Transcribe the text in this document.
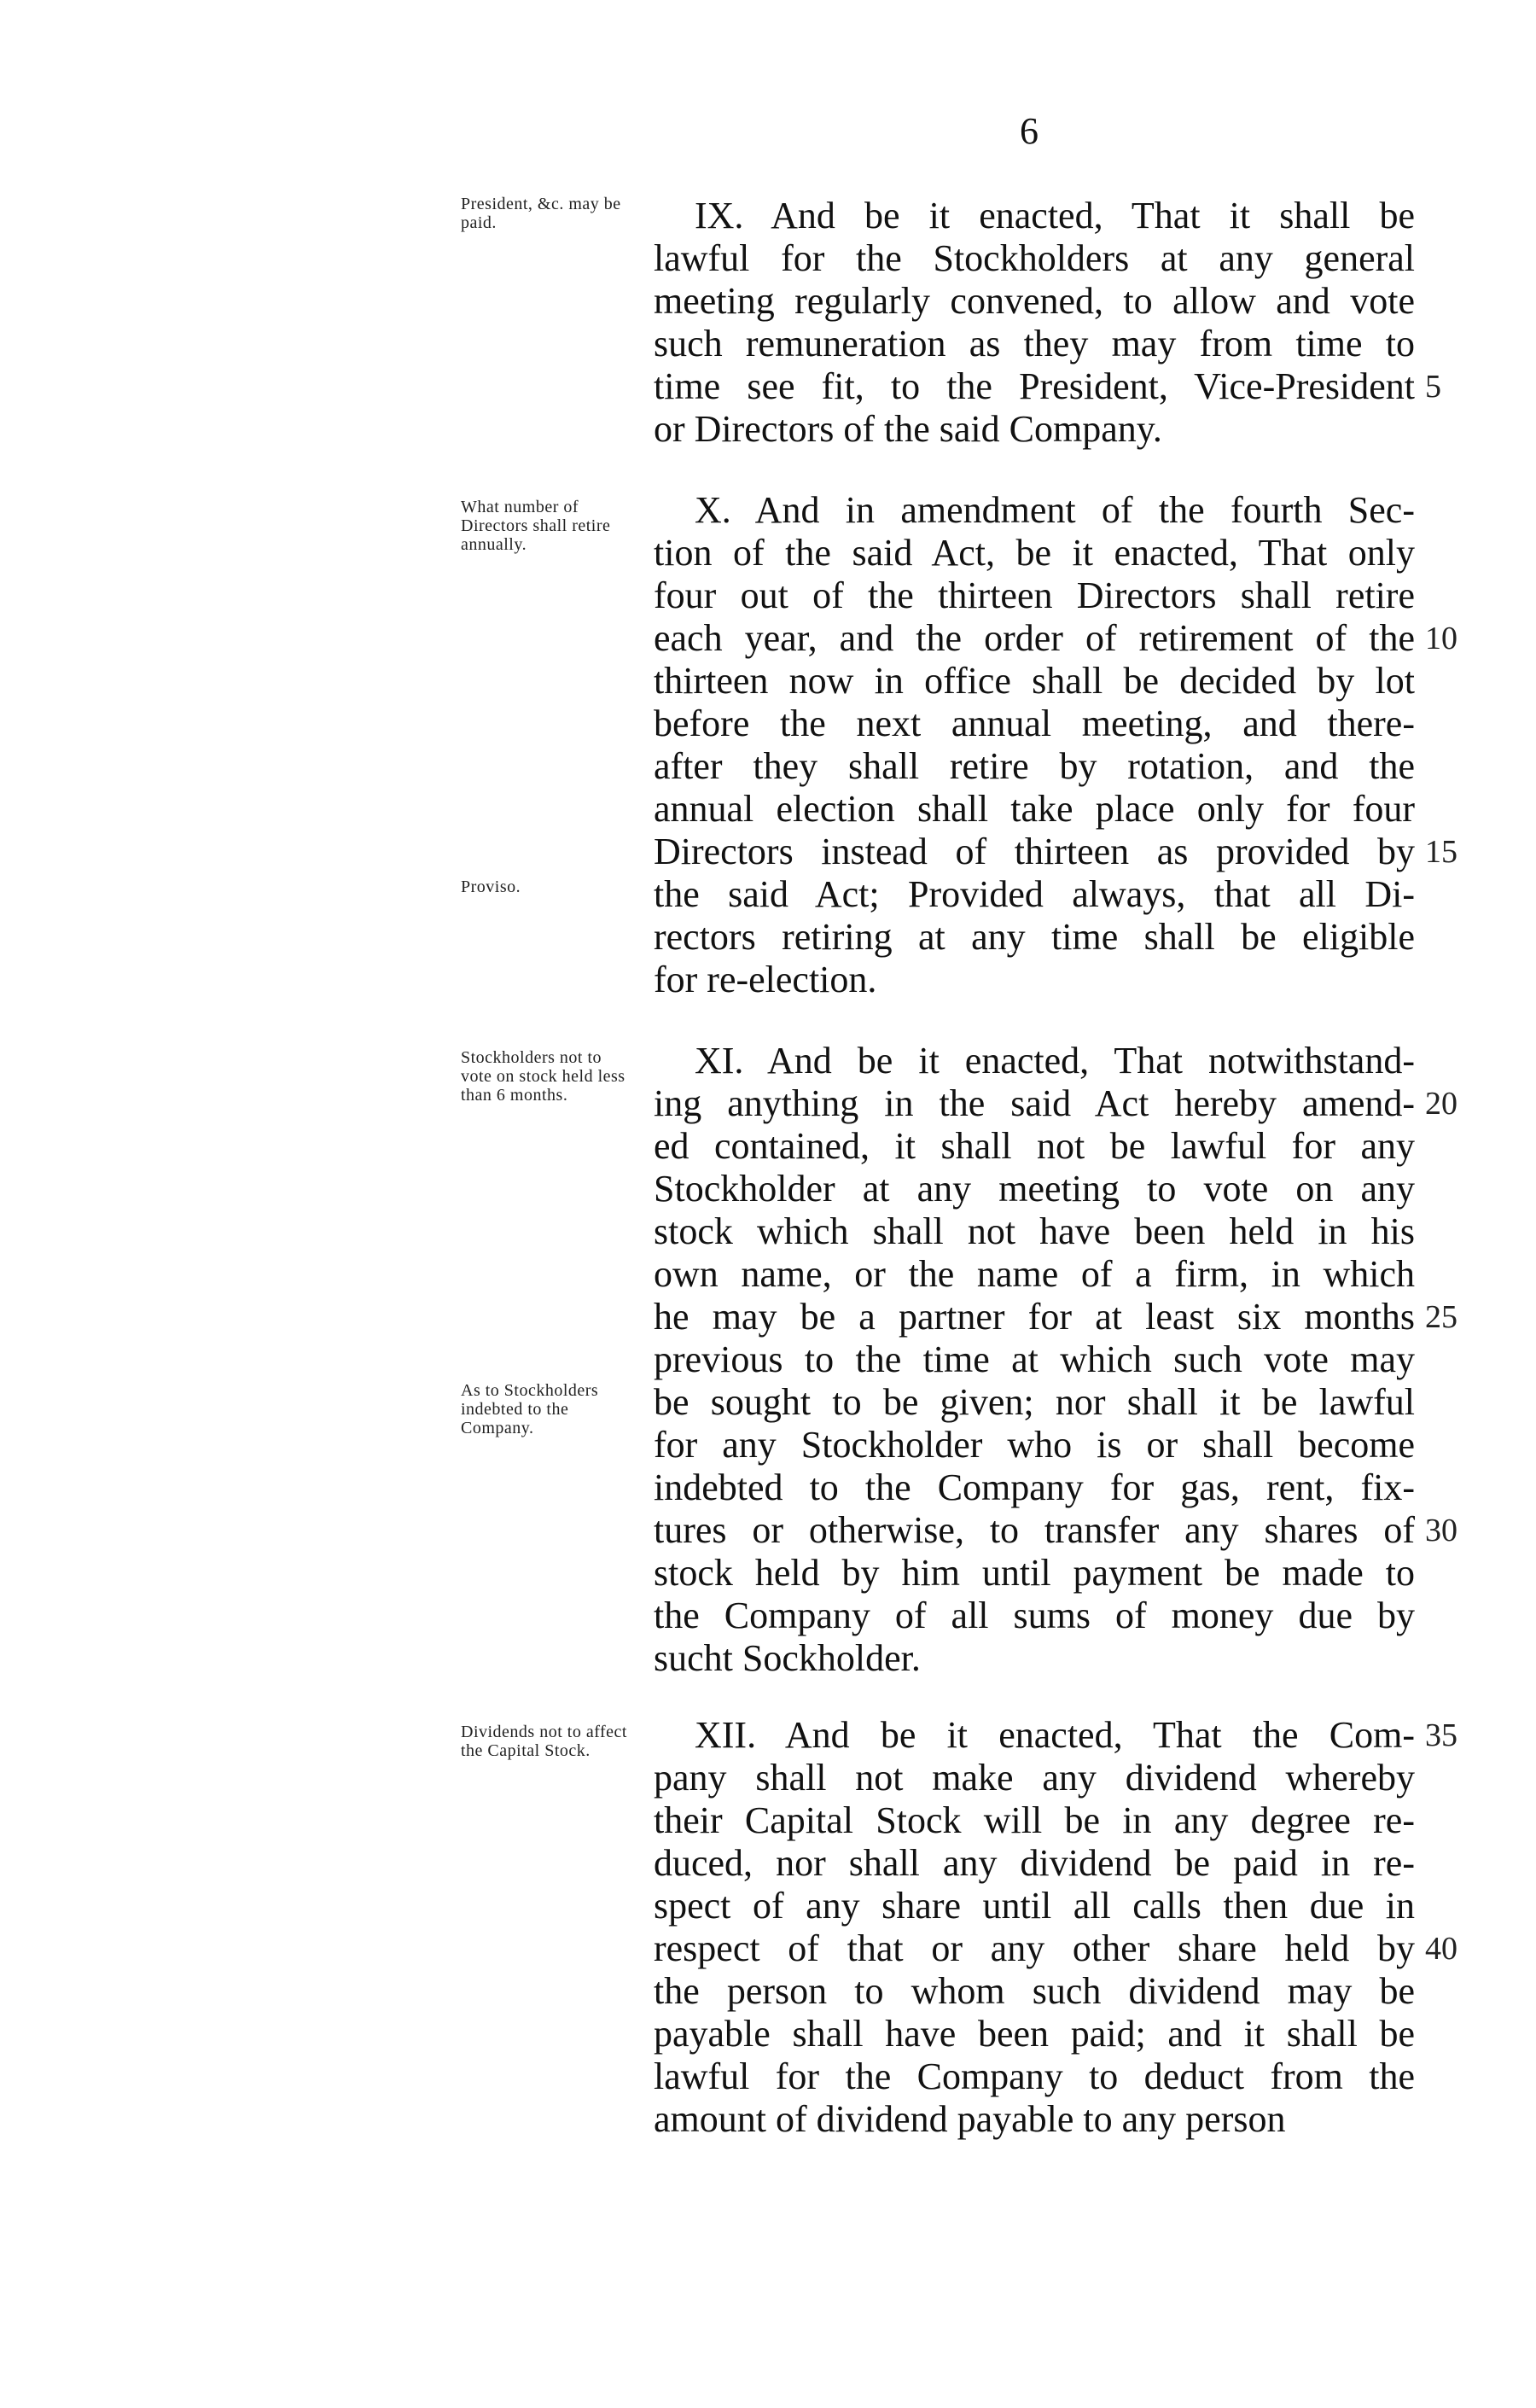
6
President, &c. may be paid.
What number of Directors shall retire annually.
Proviso.
Stockholders not to vote on stock held less than 6 months.
As to Stockholders indebted to the Company.
Dividends not to affect the Capital Stock.
IX. And be it enacted, That it shall be
lawful for the Stockholders at any general
meeting regularly convened, to allow and vote
such remuneration as they may from time to
time see fit, to the President, Vice-President
or Directors of the said Company.
X. And in amendment of the fourth Sec-
tion of the said Act, be it enacted, That only
four out of the thirteen Directors shall retire
each year, and the order of retirement of the
thirteen now in office shall be decided by lot
before the next annual meeting, and there-
after they shall retire by rotation, and the
annual election shall take place only for four
Directors instead of thirteen as provided by
the said Act; Provided always, that all Di-
rectors retiring at any time shall be eligible
for re-election.
XI. And be it enacted, That notwithstand-
ing anything in the said Act hereby amend-
ed contained, it shall not be lawful for any
Stockholder at any meeting to vote on any
stock which shall not have been held in his
own name, or the name of a firm, in which
he may be a partner for at least six months
previous to the time at which such vote may
be sought to be given; nor shall it be lawful
for any Stockholder who is or shall become
indebted to the Company for gas, rent, fix-
tures or otherwise, to transfer any shares of
stock held by him until payment be made to
the Company of all sums of money due by
sucht Sockholder.
XII. And be it enacted, That the Com-
pany shall not make any dividend whereby
their Capital Stock will be in any degree re-
duced, nor shall any dividend be paid in re-
spect of any share until all calls then due in
respect of that or any other share held by
the person to whom such dividend may be
payable shall have been paid; and it shall be
lawful for the Company to deduct from the
amount of dividend payable to any person
5
10
15
20
25
30
35
40
